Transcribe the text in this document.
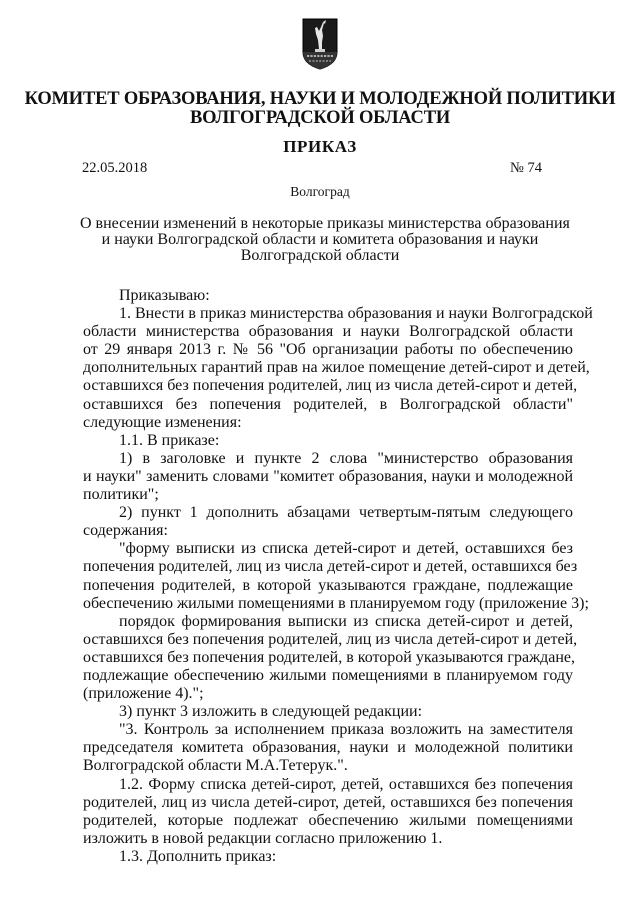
КОМИТЕТ ОБРАЗОВАНИЯ, НАУКИ И МОЛОДЕЖНОЙ ПОЛИТИКИ
ВОЛГОГРАДСКОЙ ОБЛАСТИ
ПРИКАЗ
22.05.2018	№ 74
Волгоград
О внесении изменений в некоторые приказы министерства образования
и науки Волгоградской области и комитета образования и науки
Волгоградской области
Приказываю:
1. Внести в приказ министерства образования и науки Волгоградской
области министерства образования и науки Волгоградской области
от 29 января 2013 г. № 56 "Об организации работы по обеспечению
дополнительных гарантий прав на жилое помещение детей-сирот и детей,
оставшихся без попечения родителей, лиц из числа детей-сирот и детей,
оставшихся без попечения родителей, в Волгоградской области"
следующие изменения:
1.1. В приказе:
1) в заголовке и пункте 2 слова "министерство образования
и науки" заменить словами "комитет образования, науки и молодежной
политики";
2) пункт 1 дополнить абзацами четвертым-пятым следующего
содержания:
"форму выписки из списка детей-сирот и детей, оставшихся без
попечения родителей, лиц из числа детей-сирот и детей, оставшихся без
попечения родителей, в которой указываются граждане, подлежащие
обеспечению жилыми помещениями в планируемом году (приложение 3);
порядок формирования выписки из списка детей-сирот и детей,
оставшихся без попечения родителей, лиц из числа детей-сирот и детей,
оставшихся без попечения родителей, в которой указываются граждане,
подлежащие обеспечению жилыми помещениями в планируемом году
(приложение 4).";
3) пункт 3 изложить в следующей редакции:
"3. Контроль за исполнением приказа возложить на заместителя
председателя комитета образования, науки и молодежной политики
Волгоградской области М.А.Тетерук.".
1.2. Форму списка детей-сирот, детей, оставшихся без попечения
родителей, лиц из числа детей-сирот, детей, оставшихся без попечения
родителей, которые подлежат обеспечению жилыми помещениями
изложить в новой редакции согласно приложению 1.
1.3. Дополнить приказ:
